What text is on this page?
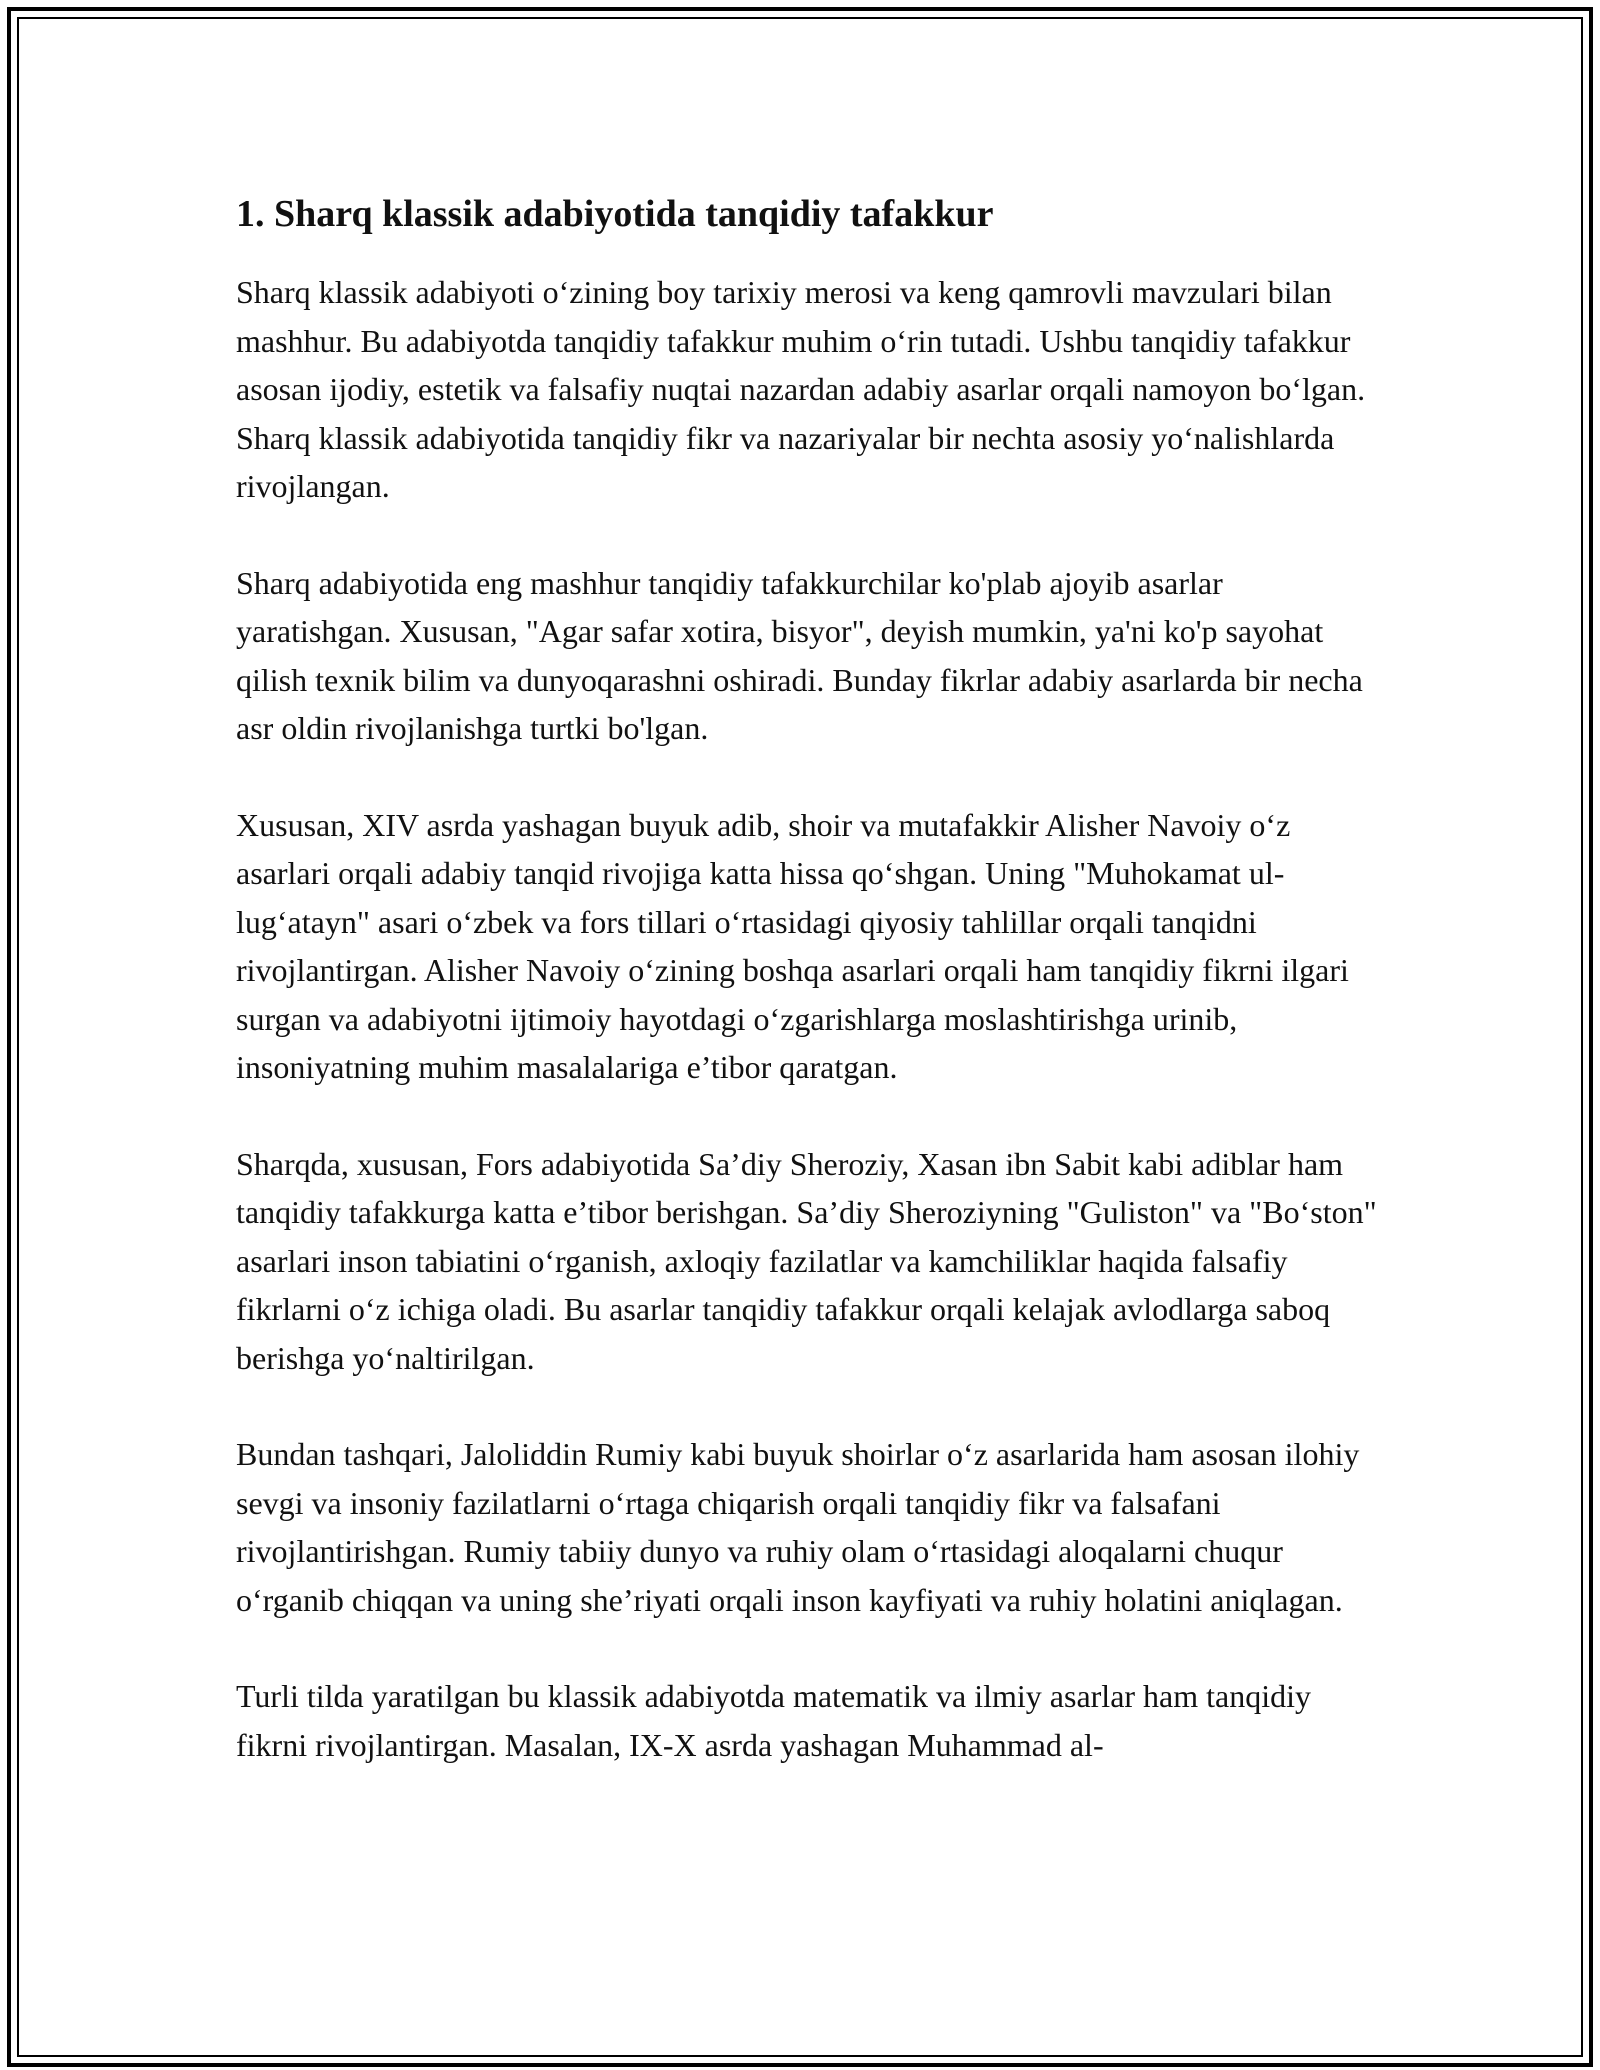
1. Sharq klassik adabiyotida tanqidiy tafakkur

Sharq klassik adabiyoti o‘zining boy tarixiy merosi va keng qamrovli mavzulari bilan mashhur. Bu adabiyotda tanqidiy tafakkur muhim o‘rin tutadi. Ushbu tanqidiy tafakkur asosan ijodiy, estetik va falsafiy nuqtai nazardan adabiy asarlar orqali namoyon bo‘lgan. Sharq klassik adabiyotida tanqidiy fikr va nazariyalar bir nechta asosiy yo‘nalishlarda rivojlangan.

Sharq adabiyotida eng mashhur tanqidiy tafakkurchilar ko'plab ajoyib asarlar yaratishgan. Xususan, "Agar safar xotira, bisyor", deyish mumkin, ya'ni ko'p sayohat qilish texnik bilim va dunyoqarashni oshiradi. Bunday fikrlar adabiy asarlarda bir necha asr oldin rivojlanishga turtki bo'lgan.

Xususan, XIV asrda yashagan buyuk adib, shoir va mutafakkir Alisher Navoiy o‘z asarlari orqali adabiy tanqid rivojiga katta hissa qo‘shgan. Uning "Muhokamat ul-lug‘atayn" asari o‘zbek va fors tillari o‘rtasidagi qiyosiy tahlillar orqali tanqidni rivojlantirgan. Alisher Navoiy o‘zining boshqa asarlari orqali ham tanqidiy fikrni ilgari surgan va adabiyotni ijtimoiy hayotdagi o‘zgarishlarga moslashtirishga urinib, insoniyatning muhim masalalariga e’tibor qaratgan.

Sharqda, xususan, Fors adabiyotida Sa’diy Sheroziy, Xasan ibn Sabit kabi adiblar ham tanqidiy tafakkurga katta e’tibor berishgan. Sa’diy Sheroziyning "Guliston" va "Bo‘ston" asarlari inson tabiatini o‘rganish, axloqiy fazilatlar va kamchiliklar haqida falsafiy fikrlarni o‘z ichiga oladi. Bu asarlar tanqidiy tafakkur orqali kelajak avlodlarga saboq berishga yo‘naltirilgan.

Bundan tashqari, Jaloliddin Rumiy kabi buyuk shoirlar o‘z asarlarida ham asosan ilohiy sevgi va insoniy fazilatlarni o‘rtaga chiqarish orqali tanqidiy fikr va falsafani rivojlantirishgan. Rumiy tabiiy dunyo va ruhiy olam o‘rtasidagi aloqalarni chuqur o‘rganib chiqqan va uning she’riyati orqali inson kayfiyati va ruhiy holatini aniqlagan.

Turli tilda yaratilgan bu klassik adabiyotda matematik va ilmiy asarlar ham tanqidiy fikrni rivojlantirgan. Masalan, IX-X asrda yashagan Muhammad al-
